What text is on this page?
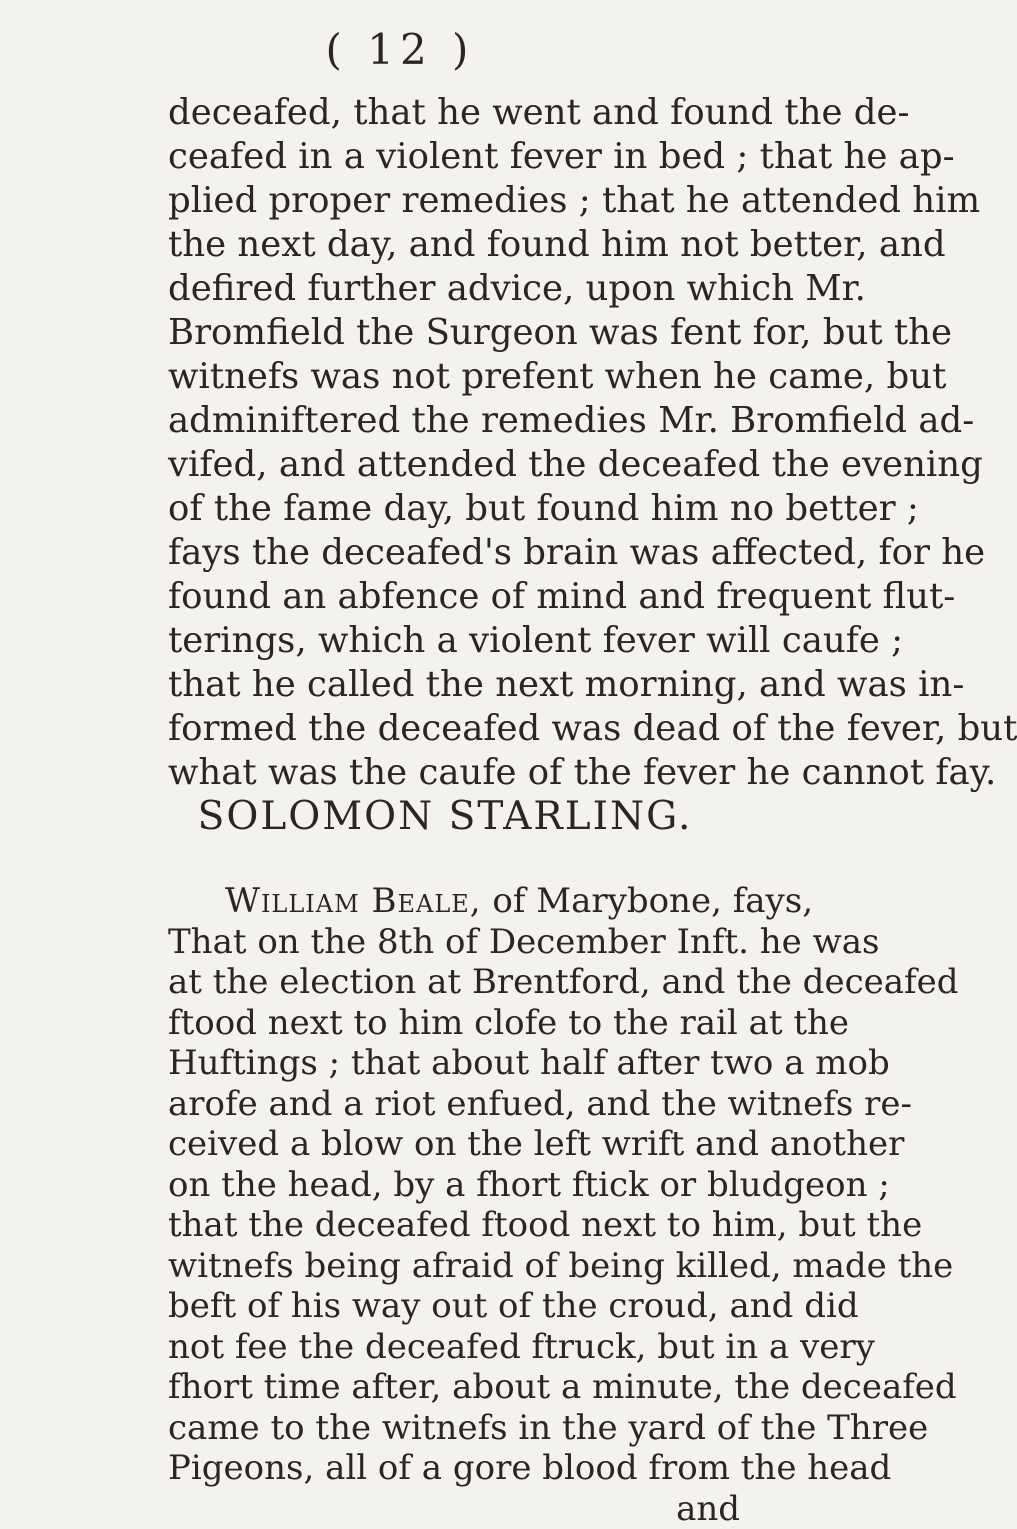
( 12 )
deceafed, that he went and found the de-
ceafed in a violent fever in bed ; that he ap-
plied proper remedies ; that he attended him
the next day, and found him not better, and
defired further advice, upon which Mr.
Bromfield the Surgeon was fent for, but the
witnefs was not prefent when he came, but
adminiftered the remedies Mr. Bromfield ad-
vifed, and attended the deceafed the evening
of the fame day, but found him no better ;
fays the deceafed's brain was affected, for he
found an abfence of mind and frequent flut-
terings, which a violent fever will caufe ;
that he called the next morning, and was in-
formed the deceafed was dead of the fever, but
what was the caufe of the fever he cannot fay.
SOLOMON STARLING.
William Beale, of Marybone, fays,
That on the 8th of December Inft. he was
at the election at Brentford, and the deceafed
ftood next to him clofe to the rail at the
Huftings ; that about half after two a mob
arofe and a riot enfued, and the witnefs re-
ceived a blow on the left wrift and another
on the head, by a fhort ftick or bludgeon ;
that the deceafed ftood next to him, but the
witnefs being afraid of being killed, made the
beft of his way out of the croud, and did
not fee the deceafed ftruck, but in a very
fhort time after, about a minute, the deceafed
came to the witnefs in the yard of the Three
Pigeons, all of a gore blood from the head
and
